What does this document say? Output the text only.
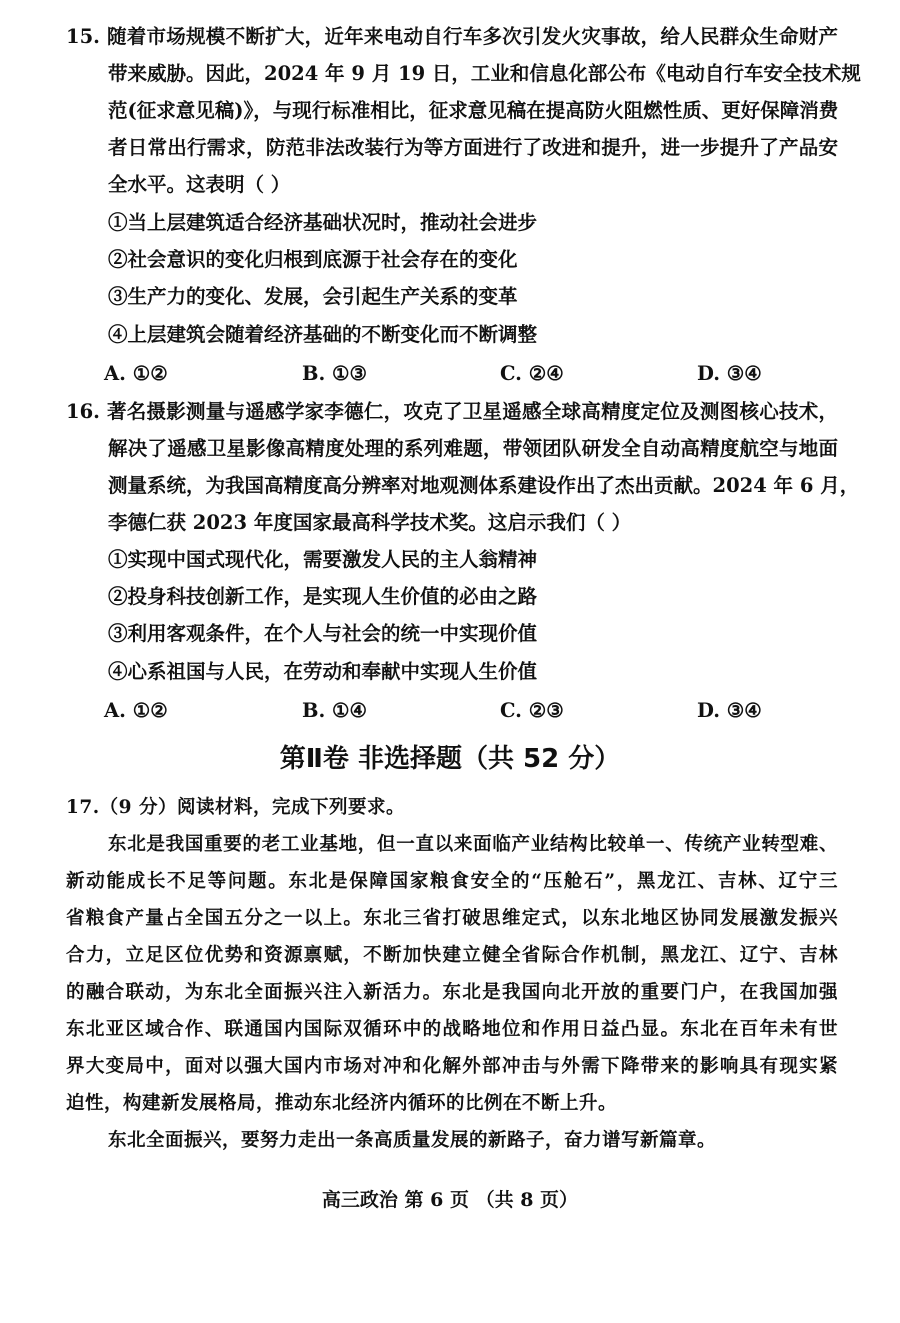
15. 随着市场规模不断扩大，近年来电动自行车多次引发火灾事故，给人民群众生命财产
带来威胁。因此，2024 年 9 月 19 日，工业和信息化部公布《电动自行车安全技术规
范(征求意见稿)》，与现行标准相比，征求意见稿在提高防火阻燃性质、更好保障消费
者日常出行需求，防范非法改装行为等方面进行了改进和提升，进一步提升了产品安
全水平。这表明（ ）
①当上层建筑适合经济基础状况时，推动社会进步
②社会意识的变化归根到底源于社会存在的变化
③生产力的变化、发展，会引起生产关系的变革
④上层建筑会随着经济基础的不断变化而不断调整
A. ①②	B. ①③	C. ②④	D. ③④
16. 著名摄影测量与遥感学家李德仁，攻克了卫星遥感全球高精度定位及测图核心技术，
解决了遥感卫星影像高精度处理的系列难题，带领团队研发全自动高精度航空与地面
测量系统，为我国高精度高分辨率对地观测体系建设作出了杰出贡献。2024 年 6 月，
李德仁获 2023 年度国家最高科学技术奖。这启示我们（ ）
①实现中国式现代化，需要激发人民的主人翁精神
②投身科技创新工作，是实现人生价值的必由之路
③利用客观条件，在个人与社会的统一中实现价值
④心系祖国与人民，在劳动和奉献中实现人生价值
A. ①②	B. ①④	C. ②③	D. ③④
第Ⅱ卷 非选择题（共 52 分）
17.（9 分）阅读材料，完成下列要求。
东北是我国重要的老工业基地，但一直以来面临产业结构比较单一、传统产业转型难、
新动能成长不足等问题。东北是保障国家粮食安全的“压舱石”，黑龙江、吉林、辽宁三
省粮食产量占全国五分之一以上。东北三省打破思维定式，以东北地区协同发展激发振兴
合力，立足区位优势和资源禀赋，不断加快建立健全省际合作机制，黑龙江、辽宁、吉林
的融合联动，为东北全面振兴注入新活力。东北是我国向北开放的重要门户，在我国加强
东北亚区域合作、联通国内国际双循环中的战略地位和作用日益凸显。东北在百年未有世
界大变局中，面对以强大国内市场对冲和化解外部冲击与外需下降带来的影响具有现实紧
迫性，构建新发展格局，推动东北经济内循环的比例在不断上升。
东北全面振兴，要努力走出一条高质量发展的新路子，奋力谱写新篇章。
高三政治 第 6 页 （共 8 页）
